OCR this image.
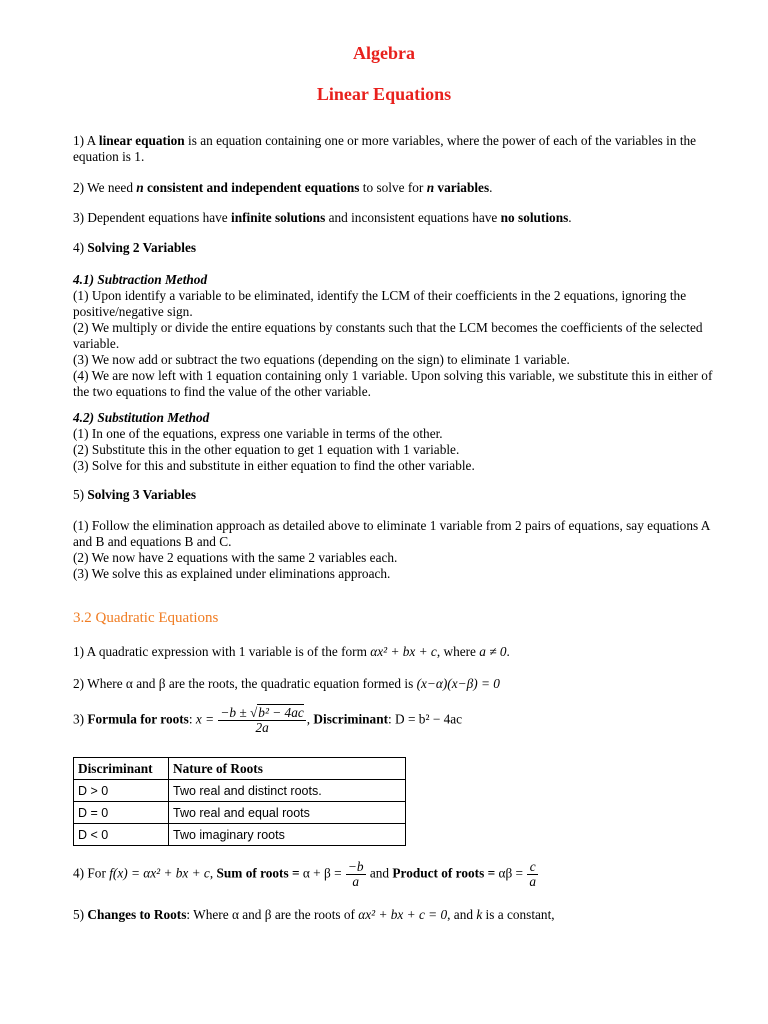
Algebra
Linear Equations

1) A linear equation is an equation containing one or more variables, where the power of each of the variables in the equation is 1.

2) We need n consistent and independent equations to solve for n variables.

3) Dependent equations have infinite solutions and inconsistent equations have no solutions.

4) Solving 2 Variables

4.1) Subtraction Method
(1) Upon identify a variable to be eliminated, identify the LCM of their coefficients in the 2 equations, ignoring the positive/negative sign.
(2) We multiply or divide the entire equations by constants such that the LCM becomes the coefficients of the selected variable.
(3) We now add or subtract the two equations (depending on the sign) to eliminate 1 variable.
(4) We are now left with 1 equation containing only 1 variable. Upon solving this variable, we substitute this in either of the two equations to find the value of the other variable.
4.2) Substitution Method
(1) In one of the equations, express one variable in terms of the other.
(2) Substitute this in the other equation to get 1 equation with 1 variable.
(3) Solve for this and substitute in either equation to find the other variable.

5) Solving 3 Variables

(1) Follow the elimination approach as detailed above to eliminate 1 variable from 2 pairs of equations, say equations A and B and equations B and C.
(2) We now have 2 equations with the same 2 variables each.
(3) We solve this as explained under eliminations approach.
3.2 Quadratic Equations

1) A quadratic expression with 1 variable is of the form αx² + bx + c, where a ≠ 0.

2) Where α and β are the roots, the quadratic equation formed is (x−α)(x−β) = 0

3) Formula for roots: $x = \frac{\text{−b ± √b² − 4ac}}{2a}$ , Discriminant: D = b² − 4ac

Discriminant	Nature of Roots
D > 0	Two real and distinct roots.
D = 0	Two real and equal roots
D < 0	Two imaginary roots

4) For f(x) = αx² + bx + c, Sum of roots = $\alpha + \beta = \frac{-b}{a}$ and Product of roots = $\alpha\beta = \frac{c}{a}$

5) Changes to Roots: Where α and β are the roots of αx² + bx + c = 0, and k is a constant,
